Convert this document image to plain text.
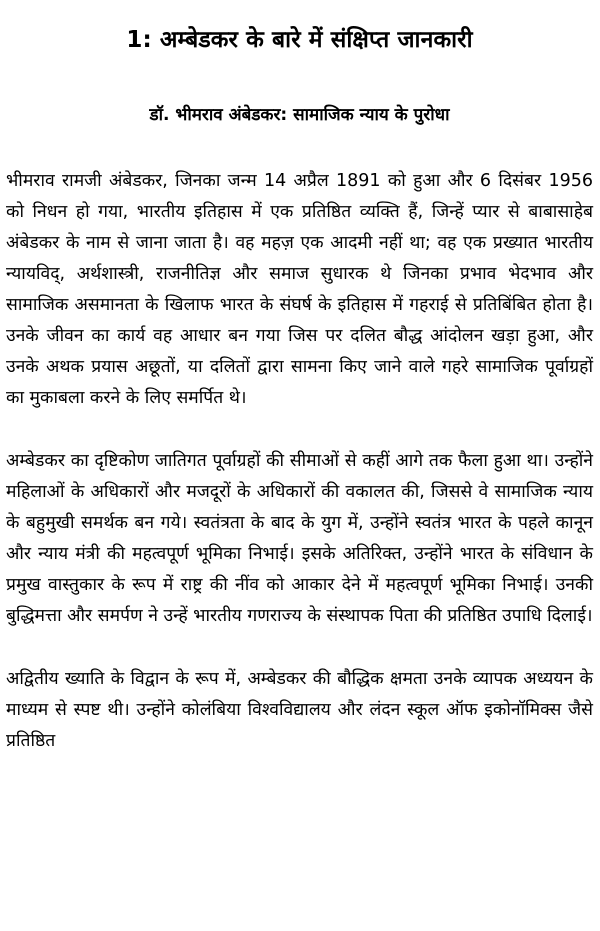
1: अम्बेडकर के बारे में संक्षिप्त जानकारी
डॉ. भीमराव अंबेडकर: सामाजिक न्याय के पुरोधा

भीमराव रामजी अंबेडकर, जिनका जन्म 14 अप्रैल 1891 को हुआ और 6 दिसंबर 1956 को निधन हो गया, भारतीय इतिहास में एक प्रतिष्ठित व्यक्ति हैं, जिन्हें प्यार से बाबासाहेब अंबेडकर के नाम से जाना जाता है। वह महज़ एक आदमी नहीं था; वह एक प्रख्यात भारतीय न्यायविद्, अर्थशास्त्री, राजनीतिज्ञ और समाज सुधारक थे जिनका प्रभाव भेदभाव और सामाजिक असमानता के खिलाफ भारत के संघर्ष के इतिहास में गहराई से प्रतिबिंबित होता है। उनके जीवन का कार्य वह आधार बन गया जिस पर दलित बौद्ध आंदोलन खड़ा हुआ, और उनके अथक प्रयास अछूतों, या दलितों द्वारा सामना किए जाने वाले गहरे सामाजिक पूर्वाग्रहों का मुकाबला करने के लिए समर्पित थे।

अम्बेडकर का दृष्टिकोण जातिगत पूर्वाग्रहों की सीमाओं से कहीं आगे तक फैला हुआ था। उन्होंने महिलाओं के अधिकारों और मजदूरों के अधिकारों की वकालत की, जिससे वे सामाजिक न्याय के बहुमुखी समर्थक बन गये। स्वतंत्रता के बाद के युग में, उन्होंने स्वतंत्र भारत के पहले कानून और न्याय मंत्री की महत्वपूर्ण भूमिका निभाई। इसके अतिरिक्त, उन्होंने भारत के संविधान के प्रमुख वास्तुकार के रूप में राष्ट्र की नींव को आकार देने में महत्वपूर्ण भूमिका निभाई। उनकी बुद्धिमत्ता और समर्पण ने उन्हें भारतीय गणराज्य के संस्थापक पिता की प्रतिष्ठित उपाधि दिलाई।

अद्वितीय ख्याति के विद्वान के रूप में, अम्बेडकर की बौद्धिक क्षमता उनके व्यापक अध्ययन के माध्यम से स्पष्ट थी। उन्होंने कोलंबिया विश्वविद्यालय और लंदन स्कूल ऑफ इकोनॉमिक्स जैसे प्रतिष्ठित
